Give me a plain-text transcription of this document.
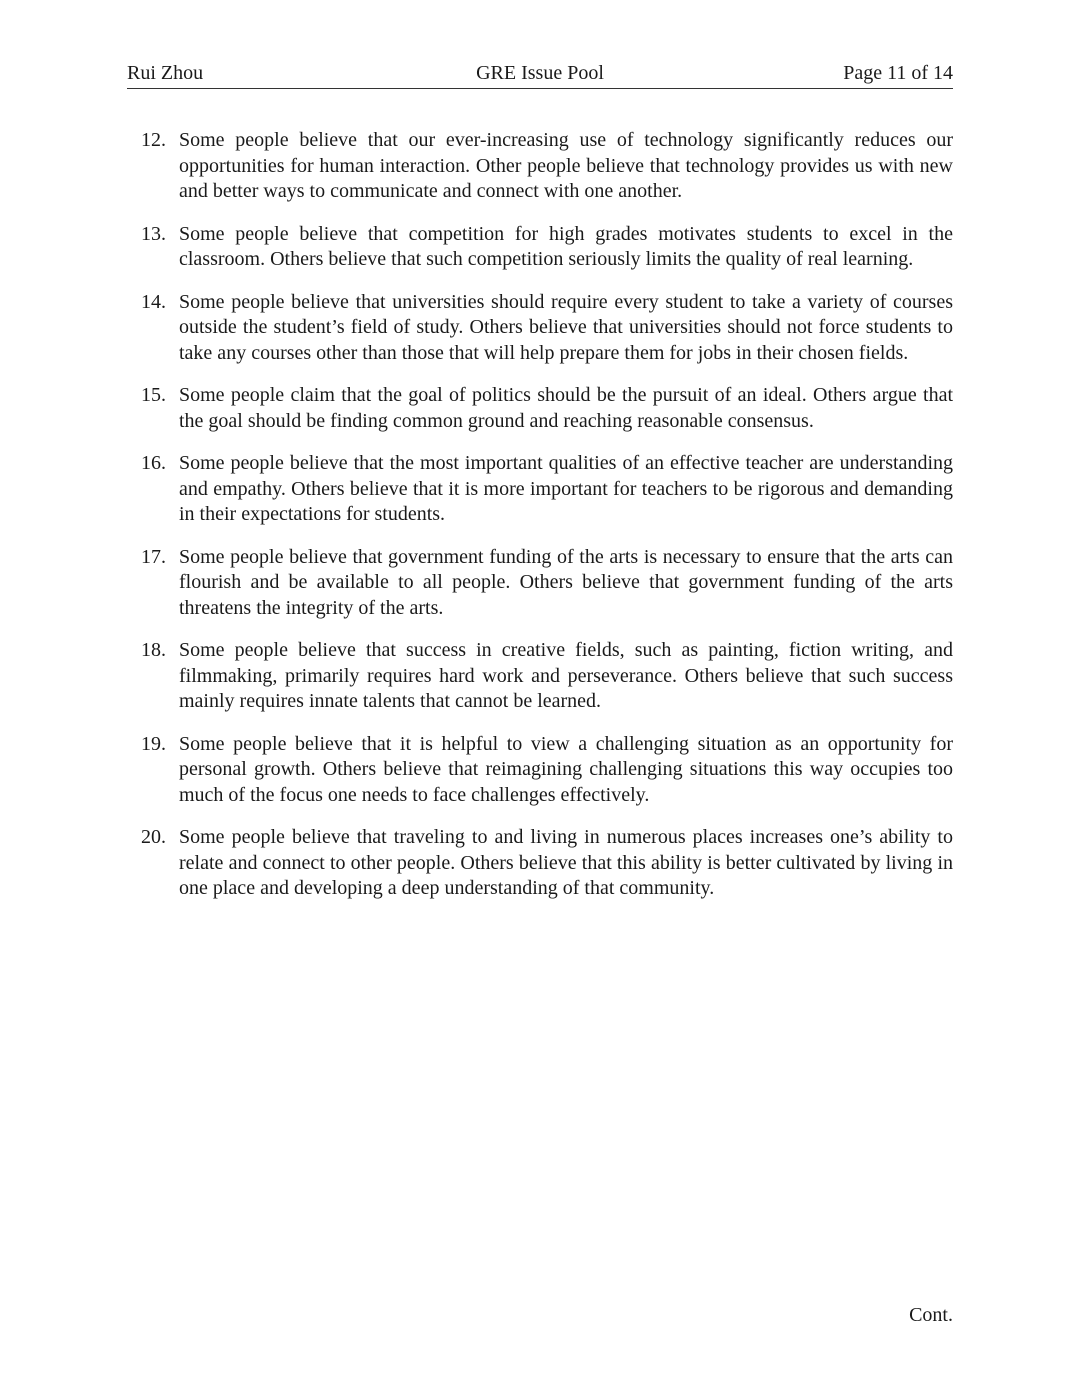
Rui Zhou	GRE Issue Pool	Page 11 of 14
12. Some people believe that our ever-increasing use of technology significantly reduces our opportunities for human interaction. Other people believe that technology provides us with new and better ways to communicate and connect with one another.
13. Some people believe that competition for high grades motivates students to excel in the classroom. Others believe that such competition seriously limits the quality of real learning.
14. Some people believe that universities should require every student to take a variety of courses outside the student’s field of study. Others believe that universities should not force students to take any courses other than those that will help prepare them for jobs in their chosen fields.
15. Some people claim that the goal of politics should be the pursuit of an ideal. Others argue that the goal should be finding common ground and reaching reasonable consensus.
16. Some people believe that the most important qualities of an effective teacher are understanding and empathy. Others believe that it is more important for teachers to be rigorous and demanding in their expectations for students.
17. Some people believe that government funding of the arts is necessary to ensure that the arts can flourish and be available to all people. Others believe that government funding of the arts threatens the integrity of the arts.
18. Some people believe that success in creative fields, such as painting, fiction writing, and filmmaking, primarily requires hard work and perseverance. Others believe that such success mainly requires innate talents that cannot be learned.
19. Some people believe that it is helpful to view a challenging situation as an opportunity for personal growth. Others believe that reimagining challenging situations this way occupies too much of the focus one needs to face challenges effectively.
20. Some people believe that traveling to and living in numerous places increases one’s ability to relate and connect to other people. Others believe that this ability is better cultivated by living in one place and developing a deep understanding of that community.
Cont.
